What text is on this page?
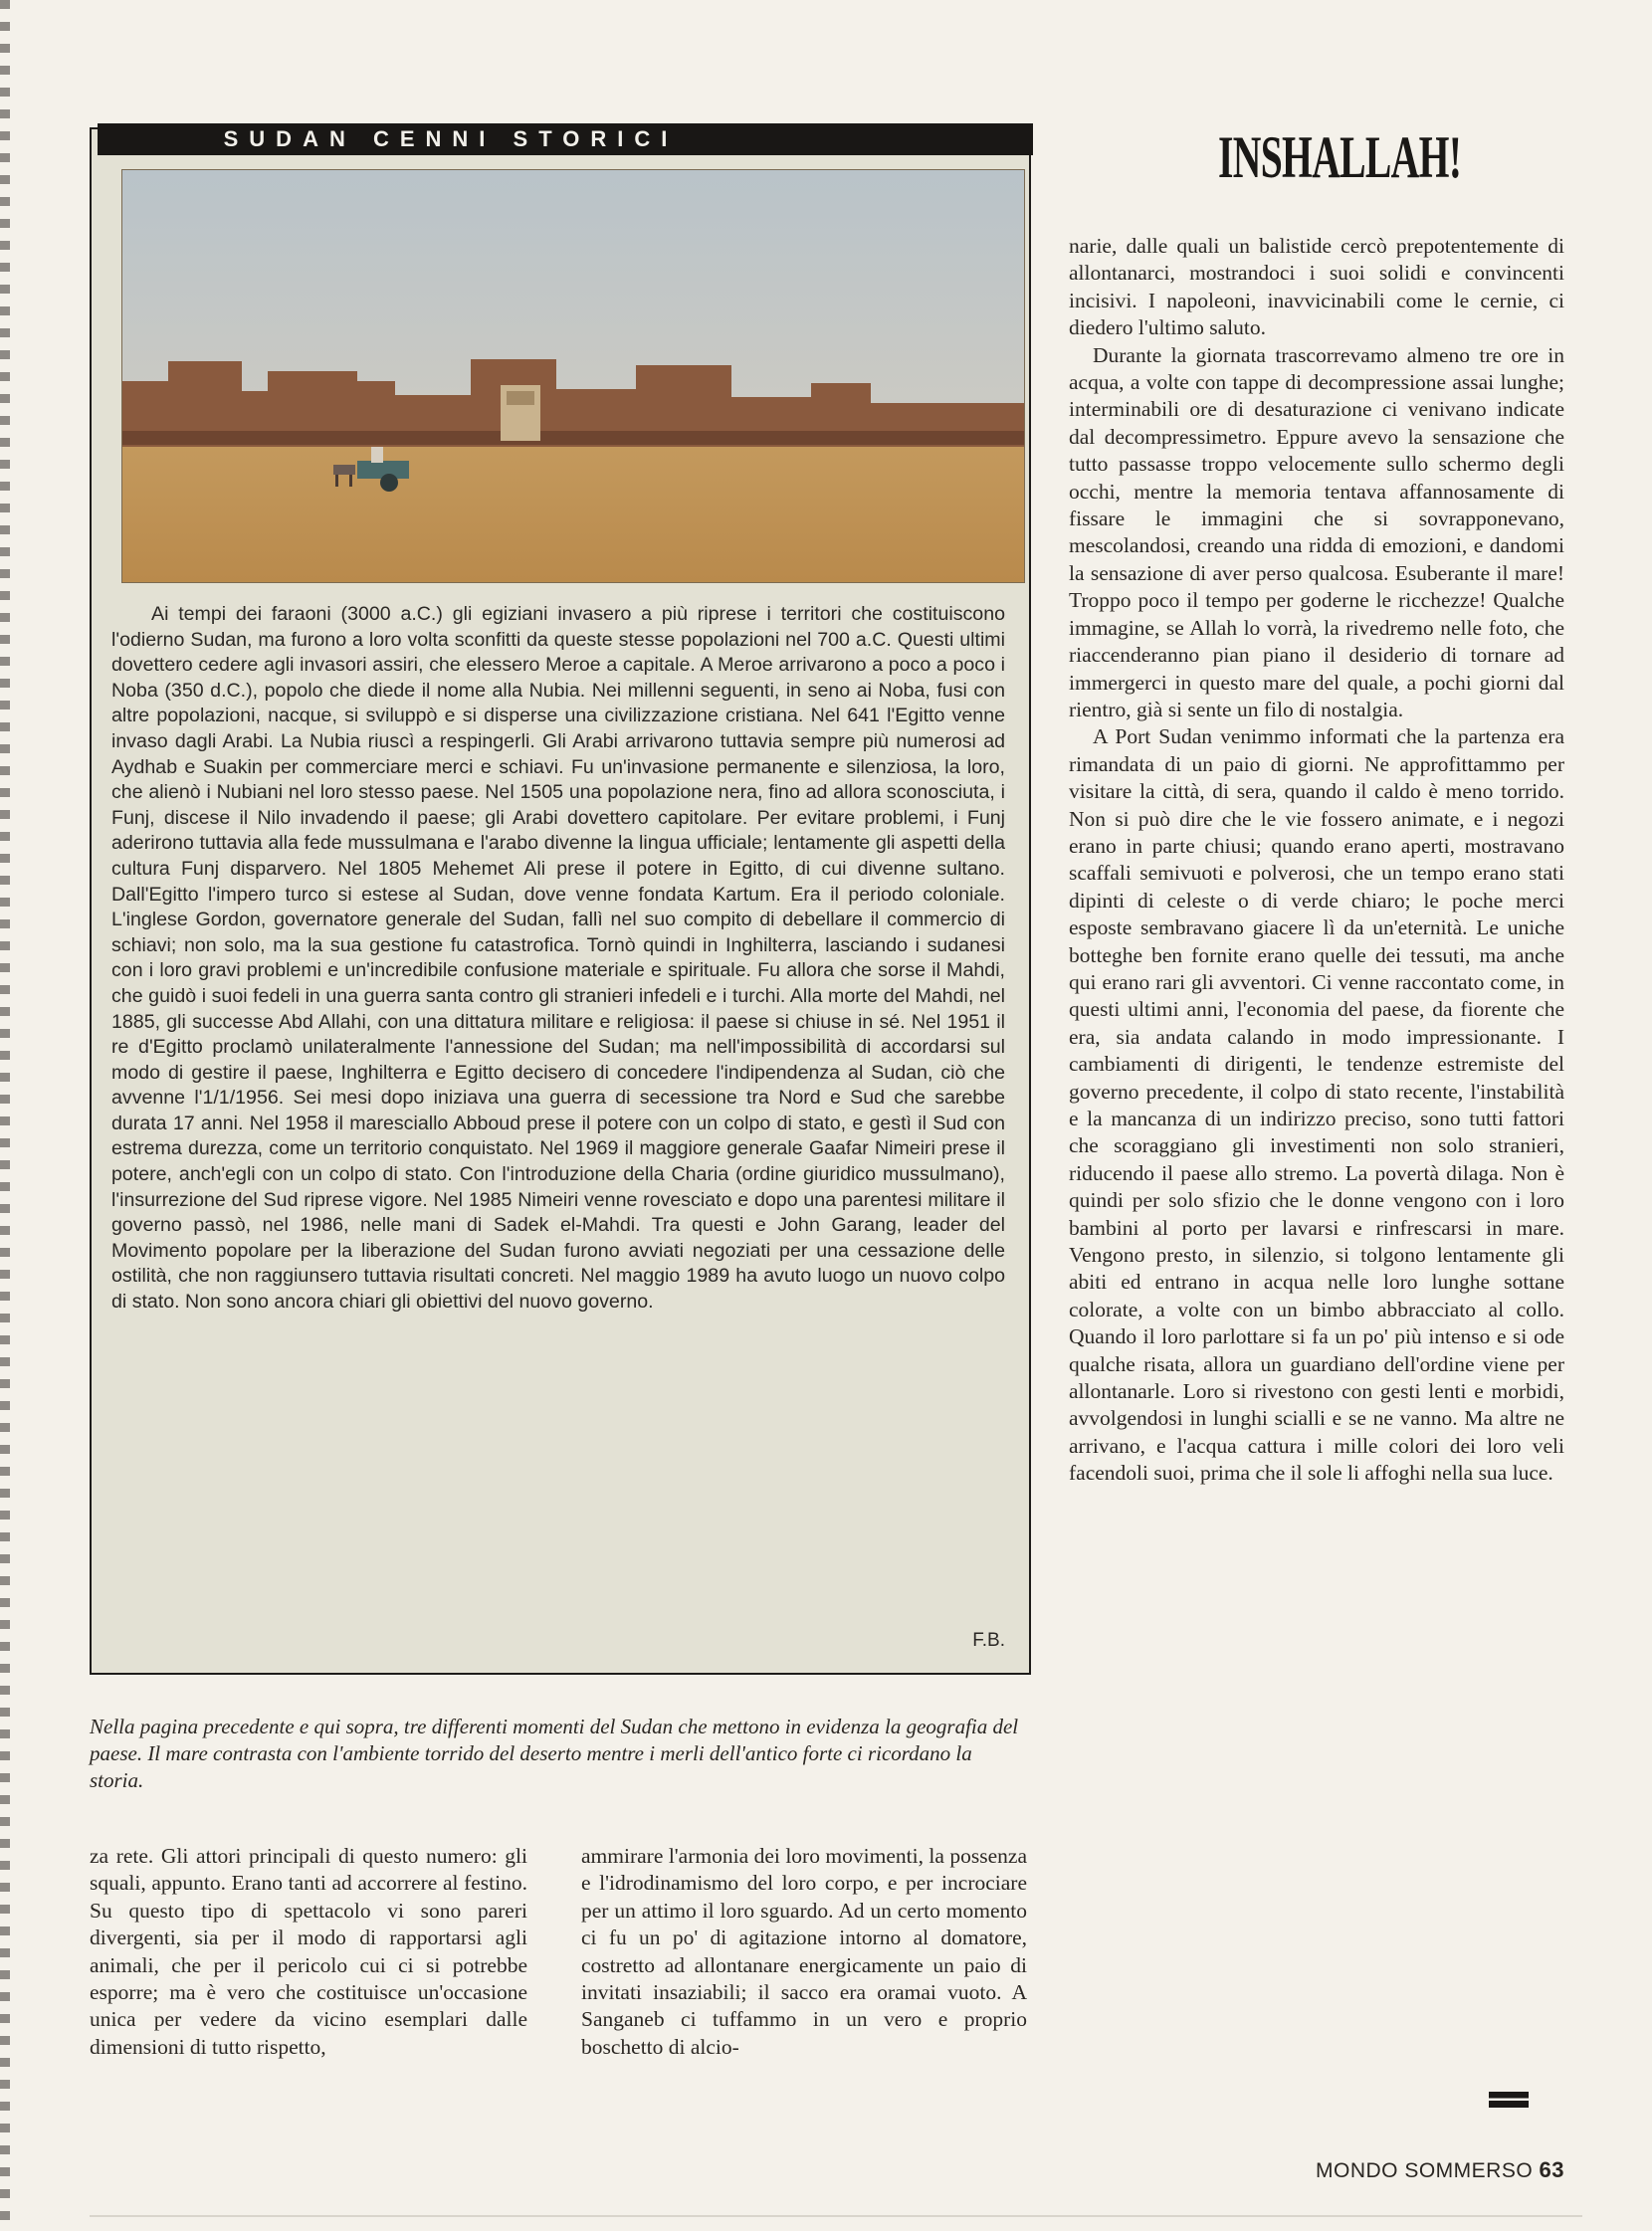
SUDAN CENNI STORICI

Ai tempi dei faraoni (3000 a.C.) gli egiziani invasero a più riprese i territori che costituiscono l'odierno Sudan, ma furono a loro volta sconfitti da queste stesse popolazioni nel 700 a.C. Questi ultimi dovettero cedere agli invasori assiri, che elessero Meroe a capitale. A Meroe arrivarono a poco a poco i Noba (350 d.C.), popolo che diede il nome alla Nubia. Nei millenni seguenti, in seno ai Noba, fusi con altre popolazioni, nacque, si sviluppò e si disperse una civilizzazione cristiana. Nel 641 l'Egitto venne invaso dagli Arabi. La Nubia riuscì a respingerli. Gli Arabi arrivarono tuttavia sempre più numerosi ad Aydhab e Suakin per commerciare merci e schiavi. Fu un'invasione permanente e silenziosa, la loro, che alienò i Nubiani nel loro stesso paese. Nel 1505 una popolazione nera, fino ad allora sconosciuta, i Funj, discese il Nilo invadendo il paese; gli Arabi dovettero capitolare. Per evitare problemi, i Funj aderirono tuttavia alla fede mussulmana e l'arabo divenne la lingua ufficiale; lentamente gli aspetti della cultura Funj disparvero. Nel 1805 Mehemet Ali prese il potere in Egitto, di cui divenne sultano. Dall'Egitto l'impero turco si estese al Sudan, dove venne fondata Kartum. Era il periodo coloniale. L'inglese Gordon, governatore generale del Sudan, fallì nel suo compito di debellare il commercio di schiavi; non solo, ma la sua gestione fu catastrofica. Tornò quindi in Inghilterra, lasciando i sudanesi con i loro gravi problemi e un'incredibile confusione materiale e spirituale. Fu allora che sorse il Mahdi, che guidò i suoi fedeli in una guerra santa contro gli stranieri infedeli e i turchi. Alla morte del Mahdi, nel 1885, gli successe Abd Allahi, con una dittatura militare e religiosa: il paese si chiuse in sé. Nel 1951 il re d'Egitto proclamò unilateralmente l'annessione del Sudan; ma nell'impossibilità di accordarsi sul modo di gestire il paese, Inghilterra e Egitto decisero di concedere l'indipendenza al Sudan, ciò che avvenne l'1/1/1956. Sei mesi dopo iniziava una guerra di secessione tra Nord e Sud che sarebbe durata 17 anni. Nel 1958 il maresciallo Abboud prese il potere con un colpo di stato, e gestì il Sud con estrema durezza, come un territorio conquistato. Nel 1969 il maggiore generale Gaafar Nimeiri prese il potere, anch'egli con un colpo di stato. Con l'introduzione della Charia (ordine giuridico mussulmano), l'insurrezione del Sud riprese vigore. Nel 1985 Nimeiri venne rovesciato e dopo una parentesi militare il governo passò, nel 1986, nelle mani di Sadek el-Mahdi. Tra questi e John Garang, leader del Movimento popolare per la liberazione del Sudan furono avviati negoziati per una cessazione delle ostilità, che non raggiunsero tuttavia risultati concreti. Nel maggio 1989 ha avuto luogo un nuovo colpo di stato. Non sono ancora chiari gli obiettivi del nuovo governo.

F.B.
Nella pagina precedente e qui sopra, tre differenti momenti del Sudan che mettono in evidenza la geografia del paese. Il mare contrasta con l'ambiente torrido del deserto mentre i merli dell'antico forte ci ricordano la storia.
INSHALLAH!

za rete. Gli attori principali di questo numero: gli squali, appunto. Erano tanti ad accorrere al festino. Su questo tipo di spettacolo vi sono pareri divergenti, sia per il modo di rapportarsi agli animali, che per il pericolo cui ci si potrebbe esporre; ma è vero che costituisce un'occasione unica per vedere da vicino esemplari dalle dimensioni di tutto rispetto,

ammirare l'armonia dei loro movimenti, la possenza e l'idrodinamismo del loro corpo, e per incrociare per un attimo il loro sguardo. Ad un certo momento ci fu un po' di agitazione intorno al domatore, costretto ad allontanare energicamente un paio di invitati insaziabili; il sacco era oramai vuoto. A Sanganeb ci tuffammo in un vero e proprio boschetto di alcio-

narie, dalle quali un balistide cercò prepotentemente di allontanarci, mostrandoci i suoi solidi e convincenti incisivi. I napoleoni, inavvicinabili come le cernie, ci diedero l'ultimo saluto.

Durante la giornata trascorrevamo almeno tre ore in acqua, a volte con tappe di decompressione assai lunghe; interminabili ore di desaturazione ci venivano indicate dal decompressimetro. Eppure avevo la sensazione che tutto passasse troppo velocemente sullo schermo degli occhi, mentre la memoria tentava affannosamente di fissare le immagini che si sovrapponevano, mescolandosi, creando una ridda di emozioni, e dandomi la sensazione di aver perso qualcosa. Esuberante il mare! Troppo poco il tempo per goderne le ricchezze! Qualche immagine, se Allah lo vorrà, la rivedremo nelle foto, che riaccenderanno pian piano il desiderio di tornare ad immergerci in questo mare del quale, a pochi giorni dal rientro, già si sente un filo di nostalgia.

A Port Sudan venimmo informati che la partenza era rimandata di un paio di giorni. Ne approfittammo per visitare la città, di sera, quando il caldo è meno torrido. Non si può dire che le vie fossero animate, e i negozi erano in parte chiusi; quando erano aperti, mostravano scaffali semivuoti e polverosi, che un tempo erano stati dipinti di celeste o di verde chiaro; le poche merci esposte sembravano giacere lì da un'eternità. Le uniche botteghe ben fornite erano quelle dei tessuti, ma anche qui erano rari gli avventori. Ci venne raccontato come, in questi ultimi anni, l'economia del paese, da fiorente che era, sia andata calando in modo impressionante. I cambiamenti di dirigenti, le tendenze estremiste del governo precedente, il colpo di stato recente, l'instabilità e la mancanza di un indirizzo preciso, sono tutti fattori che scoraggiano gli investimenti non solo stranieri, riducendo il paese allo stremo. La povertà dilaga. Non è quindi per solo sfizio che le donne vengono con i loro bambini al porto per lavarsi e rinfrescarsi in mare. Vengono presto, in silenzio, si tolgono lentamente gli abiti ed entrano in acqua nelle loro lunghe sottane colorate, a volte con un bimbo abbracciato al collo. Quando il loro parlottare si fa un po' più intenso e si ode qualche risata, allora un guardiano dell'ordine viene per allontanarle. Loro si rivestono con gesti lenti e morbidi, avvolgendosi in lunghi scialli e se ne vanno. Ma altre ne arrivano, e l'acqua cattura i mille colori dei loro veli facendoli suoi, prima che il sole li affoghi nella sua luce.

MONDO SOMMERSO 63
